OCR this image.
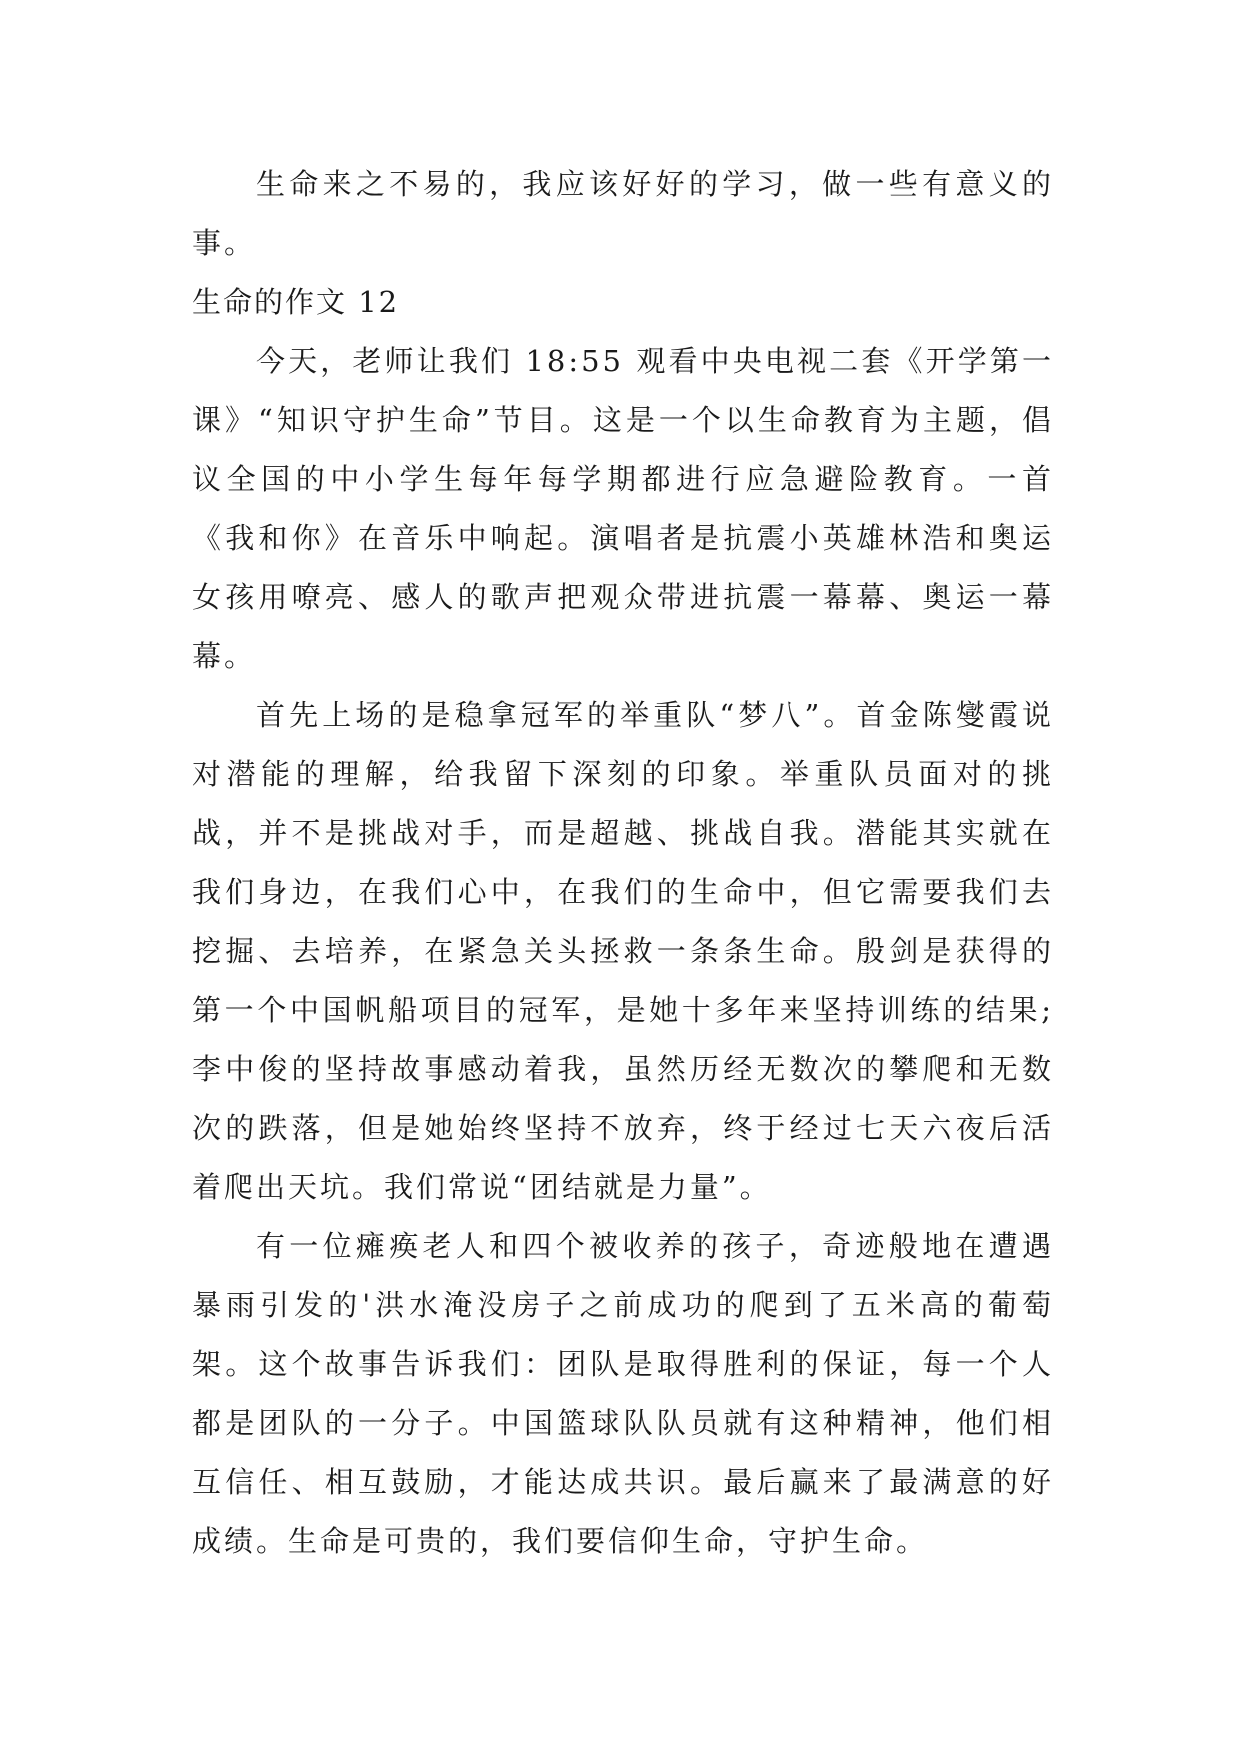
生命来之不易的，我应该好好的学习，做一些有意义的事。

生命的作文 12

今天，老师让我们 18:55 观看中央电视二套《开学第一课》“知识守护生命”节目。这是一个以生命教育为主题，倡议全国的中小学生每年每学期都进行应急避险教育。一首《我和你》在音乐中响起。演唱者是抗震小英雄林浩和奥运女孩用嘹亮、感人的歌声把观众带进抗震一幕幕、奥运一幕幕。

首先上场的是稳拿冠军的举重队“梦八”。首金陈燮霞说对潜能的理解，给我留下深刻的印象。举重队员面对的挑战，并不是挑战对手，而是超越、挑战自我。潜能其实就在我们身边，在我们心中，在我们的生命中，但它需要我们去挖掘、去培养，在紧急关头拯救一条条生命。殷剑是获得的第一个中国帆船项目的冠军，是她十多年来坚持训练的结果;李中俊的坚持故事感动着我，虽然历经无数次的攀爬和无数次的跌落，但是她始终坚持不放弃，终于经过七天六夜后活着爬出天坑。我们常说“团结就是力量”。

有一位瘫痪老人和四个被收养的孩子，奇迹般地在遭遇暴雨引发的'洪水淹没房子之前成功的爬到了五米高的葡萄架。这个故事告诉我们：团队是取得胜利的保证，每一个人都是团队的一分子。中国篮球队队员就有这种精神，他们相互信任、相互鼓励，才能达成共识。最后赢来了最满意的好成绩。生命是可贵的，我们要信仰生命，守护生命。
